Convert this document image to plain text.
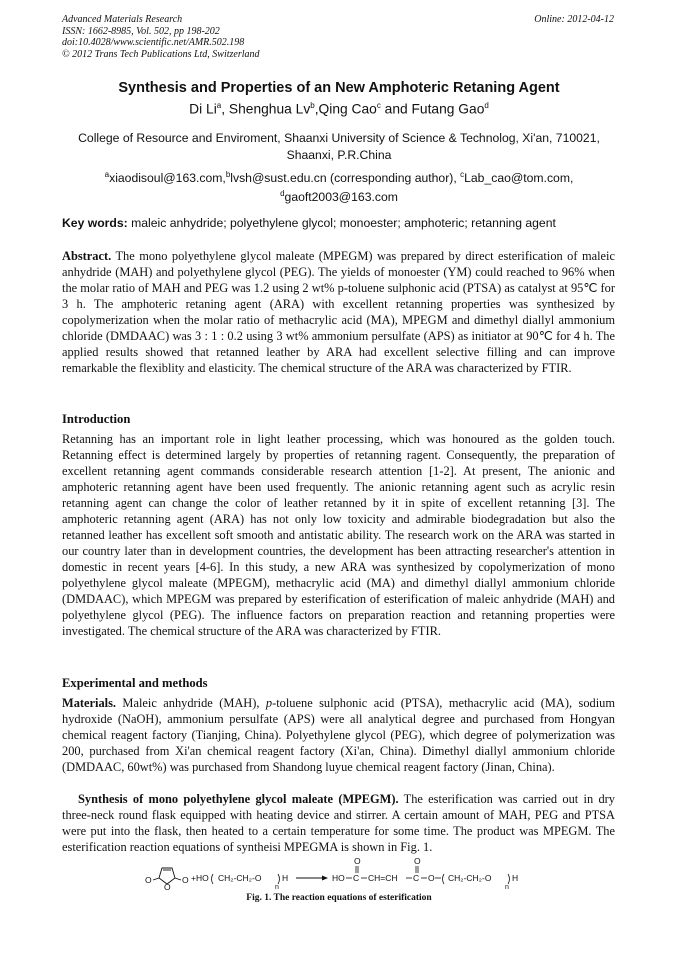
Advanced Materials Research
ISSN: 1662-8985, Vol. 502, pp 198-202
doi:10.4028/www.scientific.net/AMR.502.198
© 2012 Trans Tech Publications Ltd, Switzerland
Online: 2012-04-12
Synthesis and Properties of an New Amphoteric Retaning Agent
Di Li$^a$, Shenghua Lv$^b$,Qing Cao$^c$ and Futang Gao$^d$
College of Resource and Enviroment, Shaanxi University of Science & Technolog, Xi'an, 710021, Shaanxi, P.R.China
$^a$xiaodisoul@163.com,$^b$lvsh@sust.edu.cn (corresponding author), $^c$Lab_cao@tom.com,
$^d$gaoft2003@163.com
Key words: maleic anhydride; polyethylene glycol; monoester; amphoteric; retanning agent
Abstract. The mono polyethylene glycol maleate (MPEGM) was prepared by direct esterification of maleic anhydride (MAH) and polyethylene glycol (PEG). The yields of monoester (YM) could reached to 96% when the molar ratio of MAH and PEG was 1.2 using 2 wt% p-toluene sulphonic acid (PTSA) as catalyst at 95℃ for 3 h. The amphoteric retaning agent (ARA) with excellent retanning properties was synthesized by copolymerization when the molar ratio of methacrylic acid (MA), MPEGM and dimethyl diallyl ammonium chloride (DMDAAC) was 3 : 1 : 0.2 using 3 wt% ammonium persulfate (APS) as initiator at 90℃ for 4 h. The applied results showed that retanned leather by ARA had excellent selective filling and can improve remarkable the flexiblity and elasticity. The chemical structure of the ARA was characterized by FTIR.
Introduction
Retanning has an important role in light leather processing, which was honoured as the golden touch. Retanning effect is determined largely by properties of retanning ragent. Consequently, the preparation of excellent retanning agent commands considerable research attention [1-2]. At present, The anionic and amphoteric retanning agent have been used frequently. The anionic retanning agent such as acrylic resin retanning agent can change the color of leather retanned by it in spite of excellent retanning [3]. The amphoteric retanning agent (ARA) has not only low toxicity and admirable biodegradation but also the retanned leather has excellent soft smooth and antistatic ability. The research work on the ARA was started in our country later than in development countries, the development has been attracting researcher's attention in domestic in recent years [4-6]. In this study, a new ARA was synthesized by copolymerization of mono polyethylene glycol maleate (MPEGM), methacrylic acid (MA) and dimethyl diallyl ammonium chloride (DMDAAC), which MPEGM was prepared by esterification of esterification of maleic anhydride (MAH) and polyethylene glycol (PEG). The influence factors on preparation reaction and retanning properties were investigated. The chemical structure of the ARA was characterized by FTIR.
Experimental and methods
Materials. Maleic anhydride (MAH), p-toluene sulphonic acid (PTSA), methacrylic acid (MA), sodium hydroxide (NaOH), ammonium persulfate (APS) were all analytical degree and purchased from Hongyan chemical reagent factory (Tianjing, China). Polyethylene glycol (PEG), which degree of polymerization was 200, purchased from Xi'an chemical reagent factory (Xi'an, China). Dimethyl diallyl ammonium chloride (DMDAAC, 60wt%) was purchased from Shandong luyue chemical reagent factory (Jinan, China).
Synthesis of mono polyethylene glycol maleate (MPEGM). The esterification was carried out in dry three-neck round flask equipped with heating device and stirrer. A certain amount of MAH, PEG and PTSA were put into the flask, then heated to a certain temperature for some time. The product was MPEGM. The esterification reaction equations of syntheisi MPEGMA is shown in Fig. 1.
O
O
O +HO CH₂-CH₂-O H
n
HO C
O
CH=CH C
O
O CH₂-CH₂-O H
n
Fig. 1. The reaction equations of esterification
